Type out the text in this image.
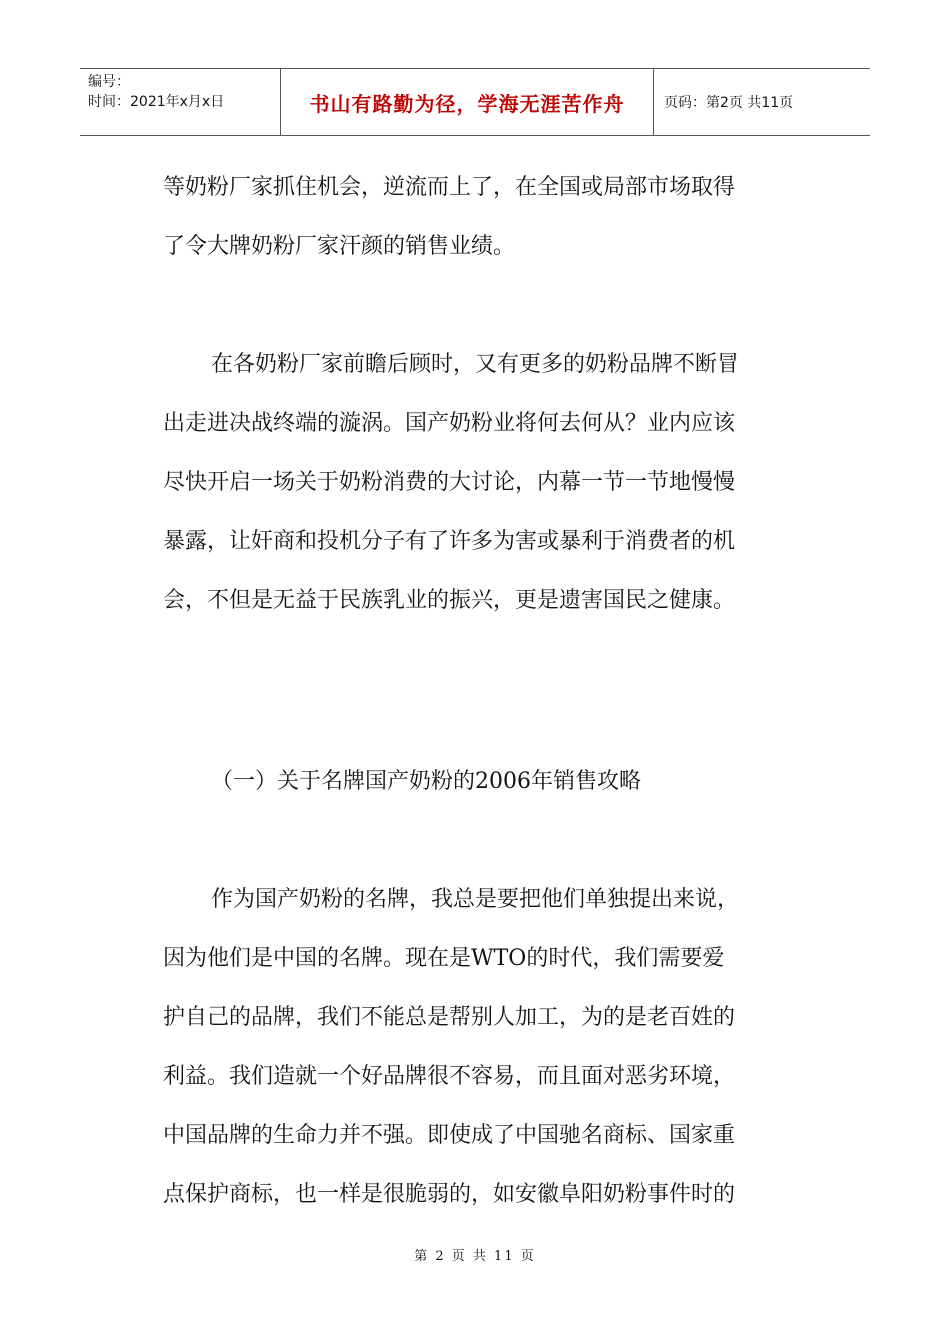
编号：
时间：2021年x月x日	书山有路勤为径，学海无涯苦作舟	页码：第2页 共11页
等奶粉厂家抓住机会，逆流而上了，在全国或局部市场取得
了令大牌奶粉厂家汗颜的销售业绩。
在各奶粉厂家前瞻后顾时，又有更多的奶粉品牌不断冒
出走进决战终端的漩涡。国产奶粉业将何去何从？业内应该
尽快开启一场关于奶粉消费的大讨论，内幕一节一节地慢慢
暴露，让奸商和投机分子有了许多为害或暴利于消费者的机
会，不但是无益于民族乳业的振兴，更是遗害国民之健康。
（一）关于名牌国产奶粉的2006年销售攻略
作为国产奶粉的名牌，我总是要把他们单独提出来说，
因为他们是中国的名牌。现在是WTO的时代，我们需要爱
护自己的品牌，我们不能总是帮别人加工，为的是老百姓的
利益。我们造就一个好品牌很不容易，而且面对恶劣环境，
中国品牌的生命力并不强。即使成了中国驰名商标、国家重
点保护商标，也一样是很脆弱的，如安徽阜阳奶粉事件时的
第 2 页 共 11 页
